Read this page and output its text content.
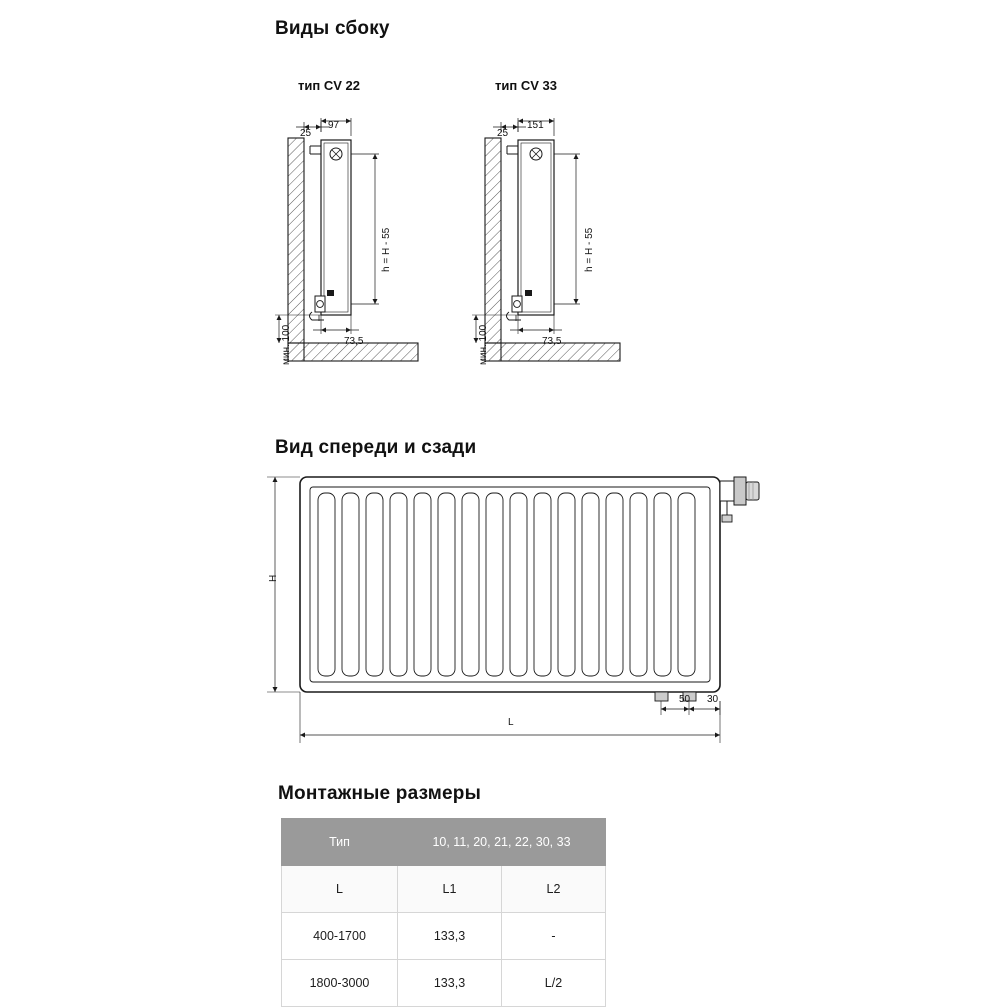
Виды сбоку
тип CV 22	тип CV 33
25
97
h = H - 55
мин. 100	73,5
25
151
h = H - 55
мин. 100	73,5
Вид спереди и сзади
H
L
50 30
Монтажные размеры
Тип	10, 11, 20, 21, 22, 30, 33	
L	L1	L2
400-1700	133,3	-
1800-3000	133,3	L/2
